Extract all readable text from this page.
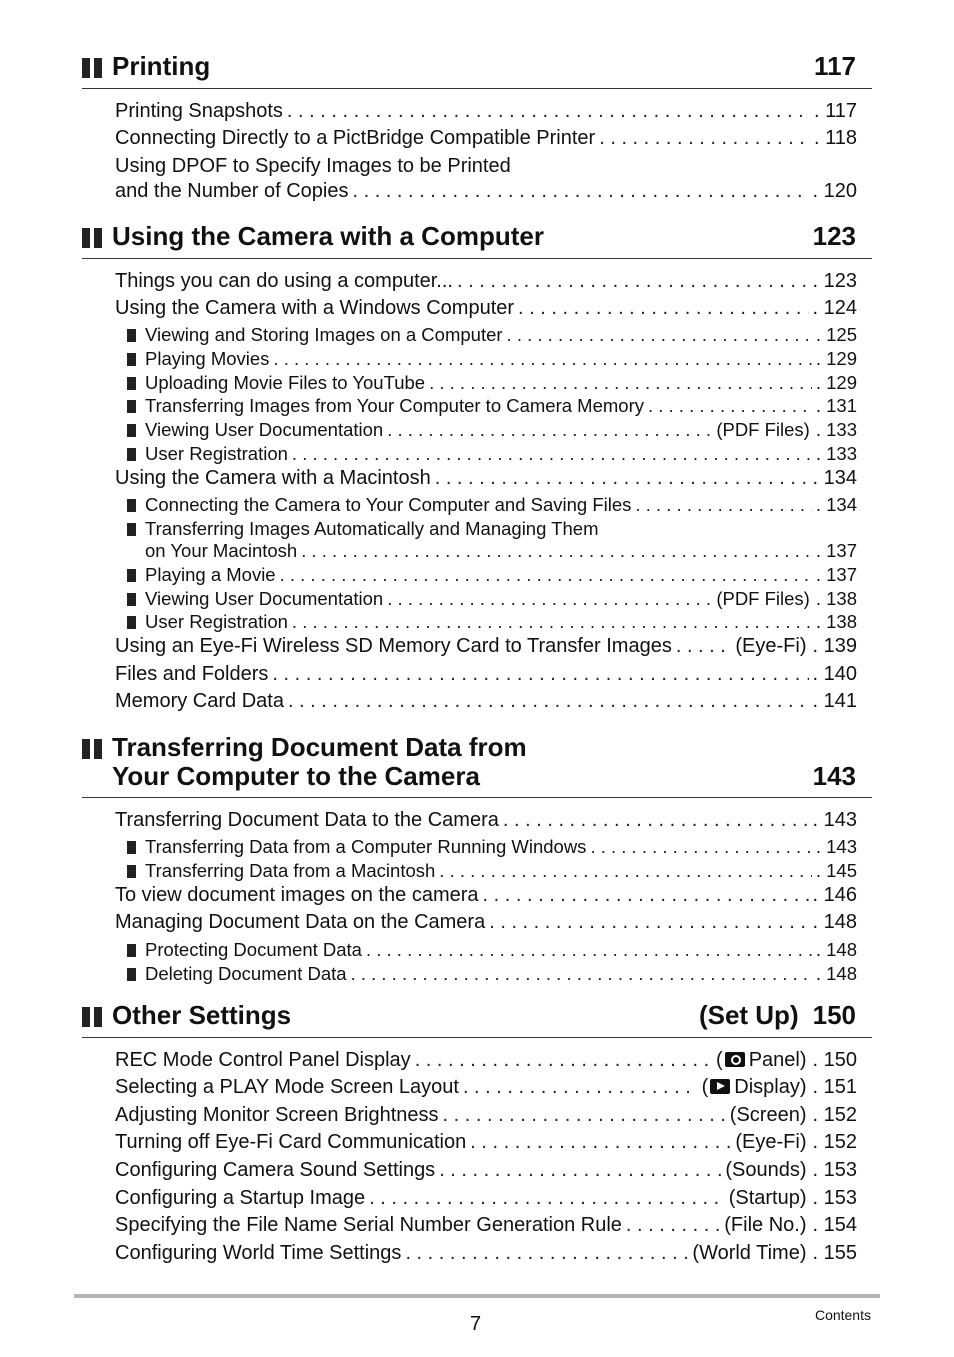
Printing	117
Printing Snapshots . . .	. 117
Connecting Directly to a PictBridge Compatible Printer . . .	. 118
Using DPOF to Specify Images to be Printed
and the Number of Copies . . .	. 120
Using the Camera with a Computer	123
Things you can do using a computer... . . .	. 123
Using the Camera with a Windows Computer . . .	. 124
Viewing and Storing Images on a Computer . . .	. 125
Playing Movies . . .	. 129
Uploading Movie Files to YouTube . . .	. 129
Transferring Images from Your Computer to Camera Memory . . .	. 131
Viewing User Documentation . . .	(PDF Files) . 133
User Registration . . .	. 133
Using the Camera with a Macintosh . . .	. 134
Connecting the Camera to Your Computer and Saving Files . . .	. 134
Transferring Images Automatically and Managing Them
on Your Macintosh . . .	. 137
Playing a Movie . . .	. 137
Viewing User Documentation . . .	(PDF Files) . 138
User Registration . . .	. 138
Using an Eye-Fi Wireless SD Memory Card to Transfer Images . . .	(Eye-Fi) . 139
Files and Folders . . .	. 140
Memory Card Data . . .	. 141
Transferring Document Data from
Your Computer to the Camera	143
Transferring Document Data to the Camera . . .	. 143
Transferring Data from a Computer Running Windows . . .	. 143
Transferring Data from a Macintosh . . .	. 145
To view document images on the camera . . .	. 146
Managing Document Data on the Camera . . .	. 148
Protecting Document Data . . .	. 148
Deleting Document Data . . .	. 148
Other Settings	(Set Up) 150
REC Mode Control Panel Display . . .	( Panel) . 150
Selecting a PLAY Mode Screen Layout . . .	( Display) . 151
Adjusting Monitor Screen Brightness . . .	(Screen) . 152
Turning off Eye-Fi Card Communication . . .	(Eye-Fi) . 152
Configuring Camera Sound Settings . . .	(Sounds) . 153
Configuring a Startup Image . . .	(Startup) . 153
Specifying the File Name Serial Number Generation Rule . . .	(File No.) . 154
Configuring World Time Settings . . .	(World Time) . 155
7	Contents
